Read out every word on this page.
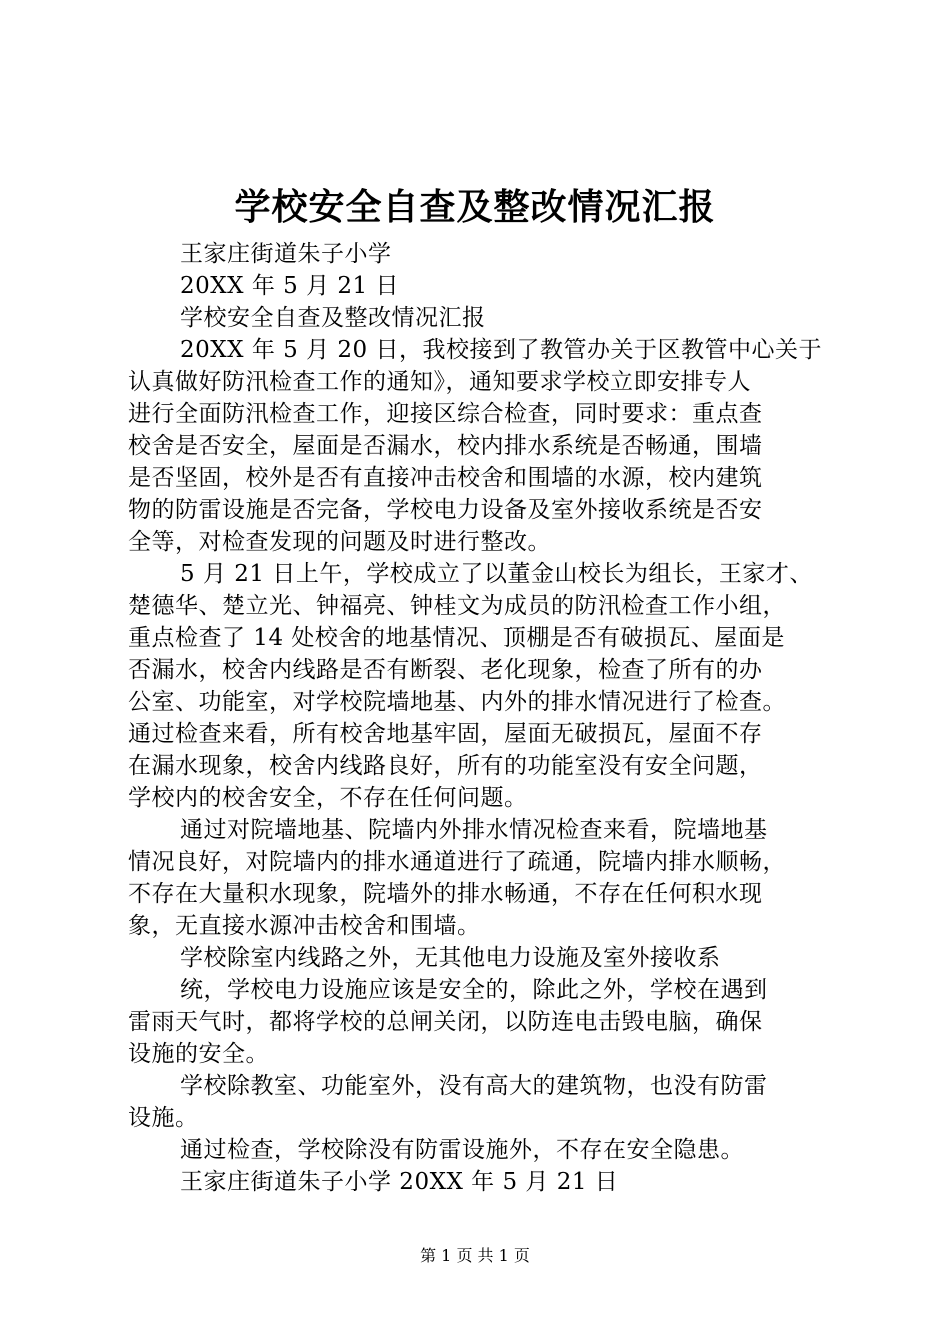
学校安全自查及整改情况汇报
王家庄街道朱子小学
20XX 年 5 月 21 日
学校安全自查及整改情况汇报
20XX 年 5 月 20 日，我校接到了教管办关于区教管中心关于
认真做好防汛检查工作的通知》，通知要求学校立即安排专人
进行全面防汛检查工作，迎接区综合检查，同时要求：重点查
校舍是否安全，屋面是否漏水，校内排水系统是否畅通，围墙
是否坚固，校外是否有直接冲击校舍和围墙的水源，校内建筑
物的防雷设施是否完备，学校电力设备及室外接收系统是否安
全等，对检查发现的问题及时进行整改。
5 月 21 日上午，学校成立了以董金山校长为组长，王家才、
楚德华、楚立光、钟福亮、钟桂文为成员的防汛检查工作小组，
重点检查了 14 处校舍的地基情况、顶棚是否有破损瓦、屋面是
否漏水，校舍内线路是否有断裂、老化现象，检查了所有的办
公室、功能室，对学校院墙地基、内外的排水情况进行了检查。
通过检查来看，所有校舍地基牢固，屋面无破损瓦，屋面不存
在漏水现象，校舍内线路良好，所有的功能室没有安全问题，
学校内的校舍安全，不存在任何问题。
通过对院墙地基、院墙内外排水情况检查来看，院墙地基
情况良好，对院墙内的排水通道进行了疏通，院墙内排水顺畅，
不存在大量积水现象，院墙外的排水畅通，不存在任何积水现
象，无直接水源冲击校舍和围墙。
学校除室内线路之外，无其他电力设施及室外接收系
统，学校电力设施应该是安全的，除此之外，学校在遇到
雷雨天气时，都将学校的总闸关闭，以防连电击毁电脑，确保
设施的安全。
学校除教室、功能室外，没有高大的建筑物，也没有防雷
设施。
通过检查，学校除没有防雷设施外，不存在安全隐患。
王家庄街道朱子小学 20XX 年 5 月 21 日
第 1 页 共 1 页
